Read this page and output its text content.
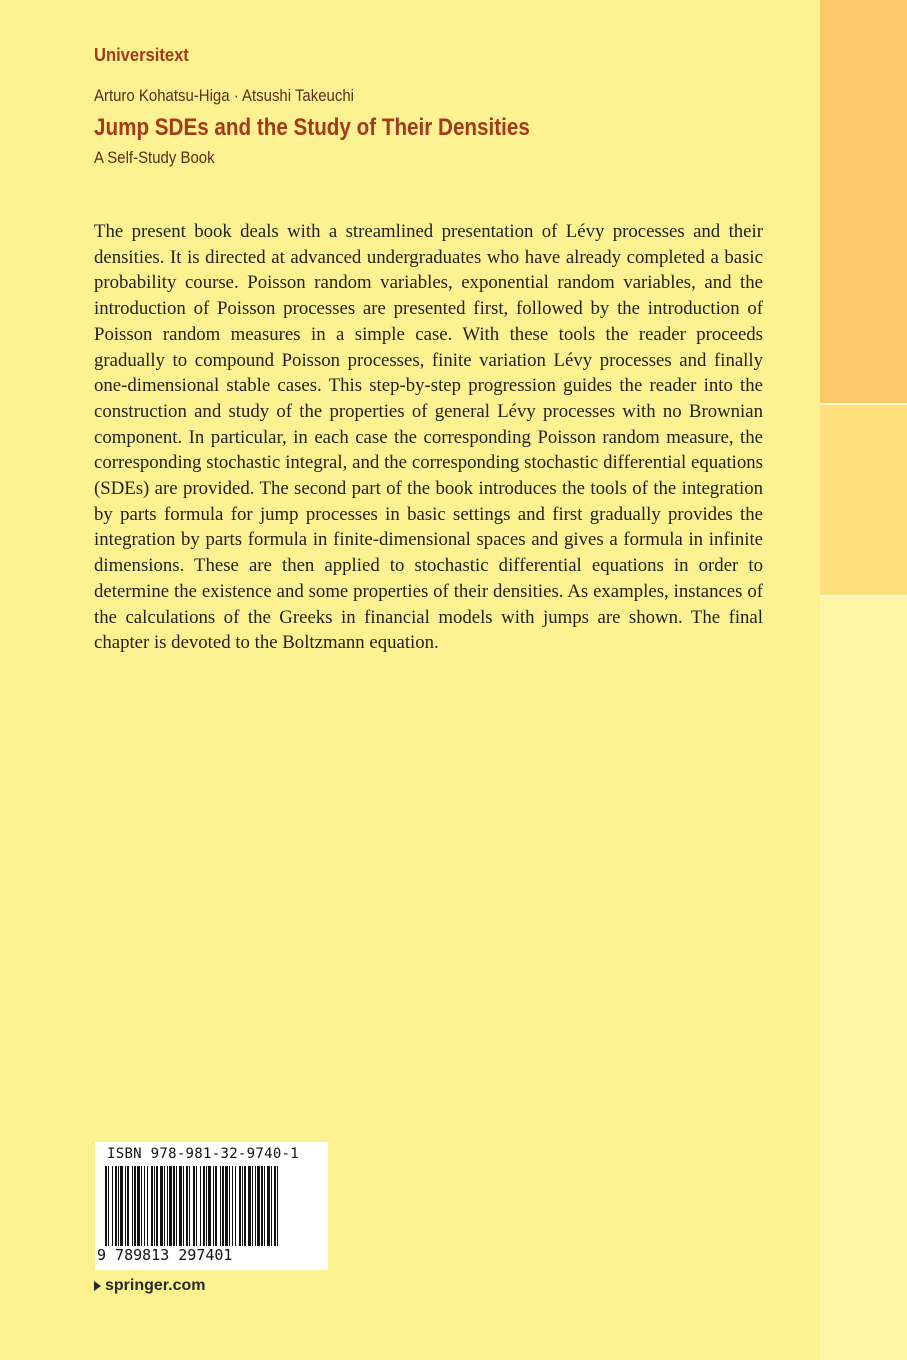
Universitext
Arturo Kohatsu-Higa · Atsushi Takeuchi
Jump SDEs and the Study of Their Densities
A Self-Study Book

The present book deals with a streamlined presentation of Lévy processes and their densities. It is directed at advanced undergraduates who have already completed a basic probability course. Poisson random variables, exponential random variables, and the introduction of Poisson processes are presented first, followed by the introduction of Poisson random measures in a simple case. With these tools the reader proceeds gradually to compound Poisson processes, finite variation Lévy processes and finally one-dimensional stable cases. This step-by-step progression guides the reader into the construction and study of the properties of general Lévy processes with no Brownian component. In particular, in each case the corresponding Poisson random measure, the corresponding stochastic integral, and the corresponding stochastic differential equations (SDEs) are provided. The second part of the book introduces the tools of the integration by parts formula for jump processes in basic settings and first gradually provides the integration by parts formula in finite-dimensional spaces and gives a formula in infinite dimensions. These are then applied to stochastic differential equations in order to determine the existence and some properties of their densities. As examples, instances of the calculations of the Greeks in financial models with jumps are shown. The final chapter is devoted to the Boltzmann equation.

ISBN 978-981-32-9740-1
9 789813 297401
springer.com
